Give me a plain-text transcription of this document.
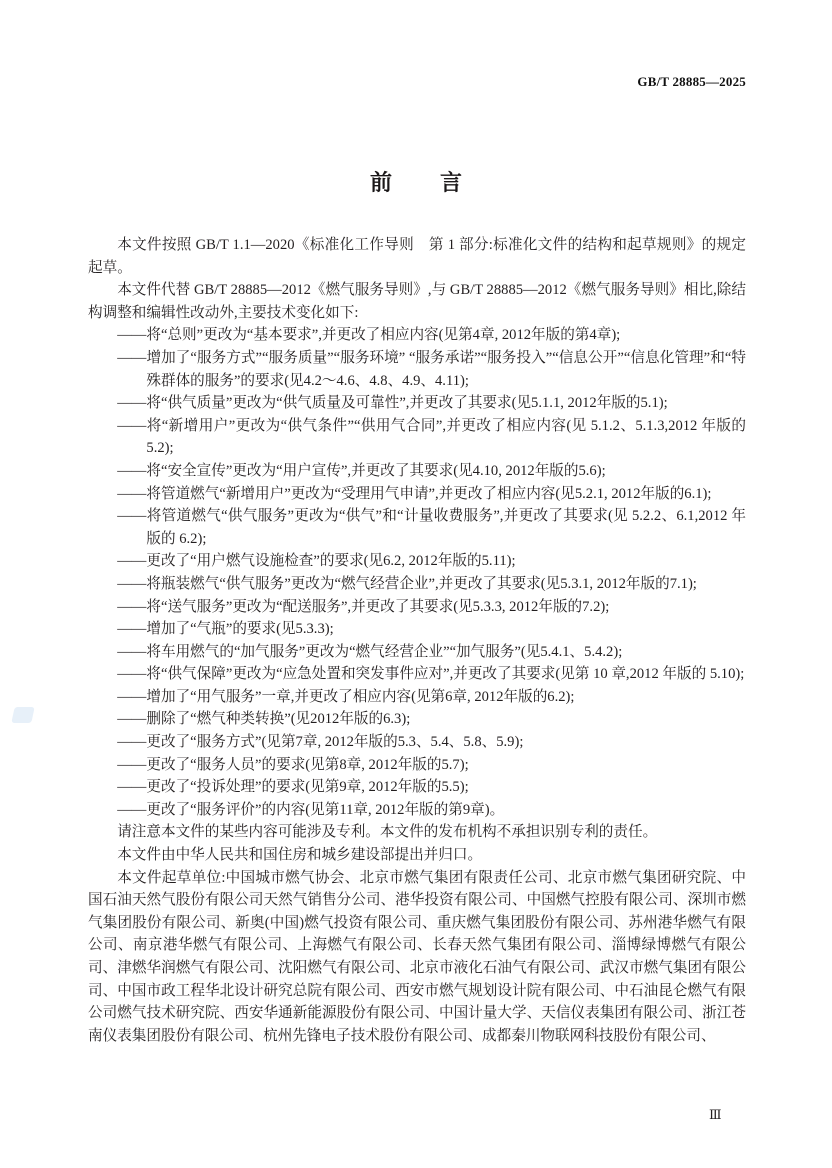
GB/T 28885—2025
前言

本文件按照 GB/T 1.1—2020《标准化工作导则　第 1 部分:标准化文件的结构和起草规则》的规定起草。

本文件代替 GB/T 28885—2012《燃气服务导则》,与 GB/T 28885—2012《燃气服务导则》相比,除结构调整和编辑性改动外,主要技术变化如下:

——将“总则”更改为“基本要求”,并更改了相应内容(见第4章, 2012年版的第4章);

——增加了“服务方式”“服务质量”“服务环境” “服务承诺”“服务投入”“信息公开”“信息化管理”和“特殊群体的服务”的要求(见4.2～4.6、4.8、4.9、4.11);

——将“供气质量”更改为“供气质量及可靠性”,并更改了其要求(见5.1.1, 2012年版的5.1);

——将“新增用户”更改为“供气条件”“供用气合同”,并更改了相应内容(见 5.1.2、5.1.3,2012 年版的 5.2);

——将“安全宣传”更改为“用户宣传”,并更改了其要求(见4.10, 2012年版的5.6);

——将管道燃气“新增用户”更改为“受理用气申请”,并更改了相应内容(见5.2.1, 2012年版的6.1);

——将管道燃气“供气服务”更改为“供气”和“计量收费服务”,并更改了其要求(见 5.2.2、6.1,2012 年版的 6.2);

——更改了“用户燃气设施检查”的要求(见6.2, 2012年版的5.11);

——将瓶装燃气“供气服务”更改为“燃气经营企业”,并更改了其要求(见5.3.1, 2012年版的7.1);

——将“送气服务”更改为“配送服务”,并更改了其要求(见5.3.3, 2012年版的7.2);

——增加了“气瓶”的要求(见5.3.3);

——将车用燃气的“加气服务”更改为“燃气经营企业”“加气服务”(见5.4.1、5.4.2);

——将“供气保障”更改为“应急处置和突发事件应对”,并更改了其要求(见第 10 章,2012 年版的 5.10);

——增加了“用气服务”一章,并更改了相应内容(见第6章, 2012年版的6.2);

——删除了“燃气种类转换”(见2012年版的6.3);

——更改了“服务方式”(见第7章, 2012年版的5.3、5.4、5.8、5.9);

——更改了“服务人员”的要求(见第8章, 2012年版的5.7);

——更改了“投诉处理”的要求(见第9章, 2012年版的5.5);

——更改了“服务评价”的内容(见第11章, 2012年版的第9章)。

请注意本文件的某些内容可能涉及专利。本文件的发布机构不承担识别专利的责任。

本文件由中华人民共和国住房和城乡建设部提出并归口。

本文件起草单位:中国城市燃气协会、北京市燃气集团有限责任公司、北京市燃气集团研究院、中国石油天然气股份有限公司天然气销售分公司、港华投资有限公司、中国燃气控股有限公司、深圳市燃气集团股份有限公司、新奥(中国)燃气投资有限公司、重庆燃气集团股份有限公司、苏州港华燃气有限公司、南京港华燃气有限公司、上海燃气有限公司、长春天然气集团有限公司、淄博绿博燃气有限公司、津燃华润燃气有限公司、沈阳燃气有限公司、北京市液化石油气有限公司、武汉市燃气集团有限公司、中国市政工程华北设计研究总院有限公司、西安市燃气规划设计院有限公司、中石油昆仑燃气有限公司燃气技术研究院、西安华通新能源股份有限公司、中国计量大学、天信仪表集团有限公司、浙江苍南仪表集团股份有限公司、杭州先锋电子技术股份有限公司、成都秦川物联网科技股份有限公司、

Ⅲ
